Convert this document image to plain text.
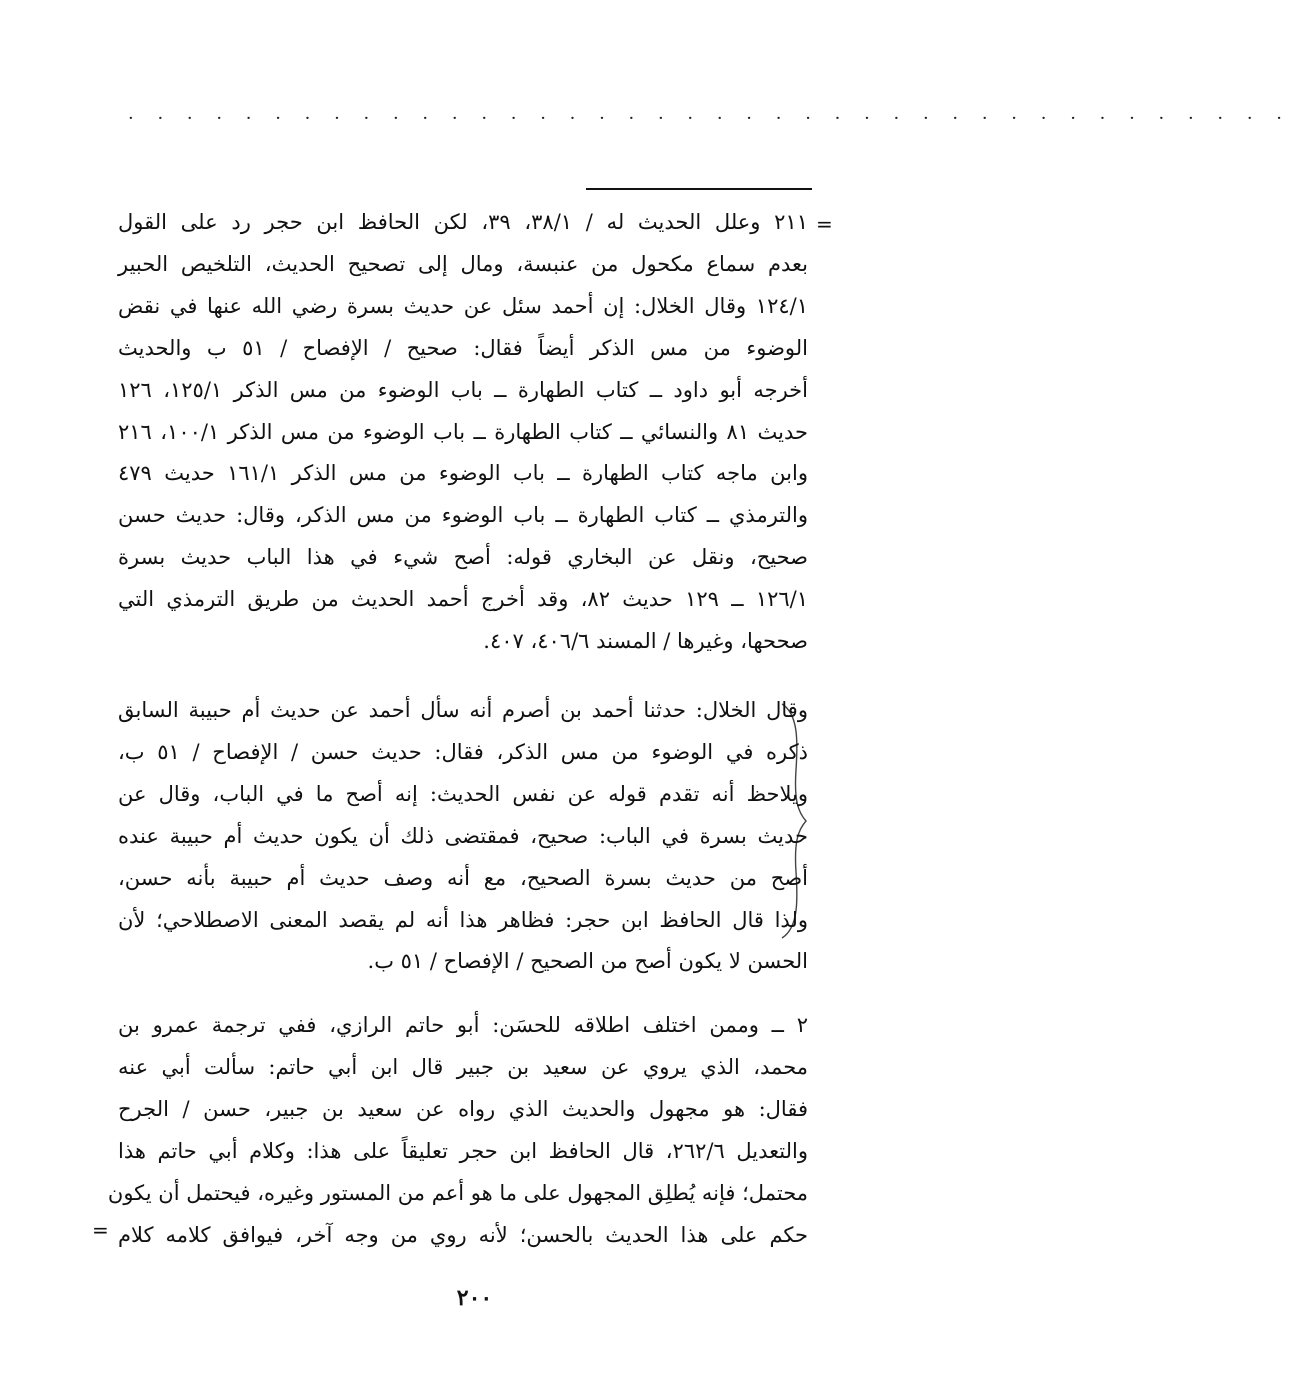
· · · · · · · · · · · · · · · · · · · · · · · · · · · · · · · · · · · · · · · ·
=
٢١١ وعلل الحديث له / ٣٨/١، ٣٩، لكن الحافظ ابن حجر رد على القول
بعدم سماع مكحول من عنبسة، ومال إلى تصحيح الحديث، التلخيص الحبير
١٢٤/١ وقال الخلال: إن أحمد سئل عن حديث بسرة رضي الله عنها في نقض
الوضوء من مس الذكر أيضاً فقال: صحيح / الإفصاح / ٥١ ب والحديث
أخرجه أبو داود ــ كتاب الطهارة ــ باب الوضوء من مس الذكر ١٢٥/١، ١٢٦
حديث ٨١ والنسائي ــ كتاب الطهارة ــ باب الوضوء من مس الذكر ١٠٠/١، ٢١٦
وابن ماجه كتاب الطهارة ــ باب الوضوء من مس الذكر ١٦١/١ حديث ٤٧٩
والترمذي ــ كتاب الطهارة ــ باب الوضوء من مس الذكر، وقال: حديث حسن
صحيح، ونقل عن البخاري قوله: أصح شيء في هذا الباب حديث بسرة
١٢٦/١ ــ ١٢٩ حديث ٨٢، وقد أخرج أحمد الحديث من طريق الترمذي التي
صححها، وغيرها / المسند ٤٠٦/٦، ٤٠٧.
وقال الخلال: حدثنا أحمد بن أصرم أنه سأل أحمد عن حديث أم حبيبة السابق
ذكره في الوضوء من مس الذكر، فقال: حديث حسن / الإفصاح / ٥١ ب،
ويلاحظ أنه تقدم قوله عن نفس الحديث: إنه أصح ما في الباب، وقال عن
حديث بسرة في الباب: صحيح، فمقتضى ذلك أن يكون حديث أم حبيبة عنده
أصح من حديث بسرة الصحيح، مع أنه وصف حديث أم حبيبة بأنه حسن،
ولذا قال الحافظ ابن حجر: فظاهر هذا أنه لم يقصد المعنى الاصطلاحي؛ لأن
الحسن لا يكون أصح من الصحيح / الإفصاح / ٥١ ب.
٢ ــ وممن اختلف اطلاقه للحسَن: أبو حاتم الرازي، ففي ترجمة عمرو بن
محمد، الذي يروي عن سعيد بن جبير قال ابن أبي حاتم: سألت أبي عنه
فقال: هو مجهول والحديث الذي رواه عن سعيد بن جبير، حسن / الجرح
والتعديل ٢٦٢/٦، قال الحافظ ابن حجر تعليقاً على هذا: وكلام أبي حاتم هذا
محتمل؛ فإنه يُطلِق المجهول على ما هو أعم من المستور وغيره، فيحتمل أن يكون
حكم على هذا الحديث بالحسن؛ لأنه روي من وجه آخر، فيوافق كلامه كلام
=
٢٠٠
